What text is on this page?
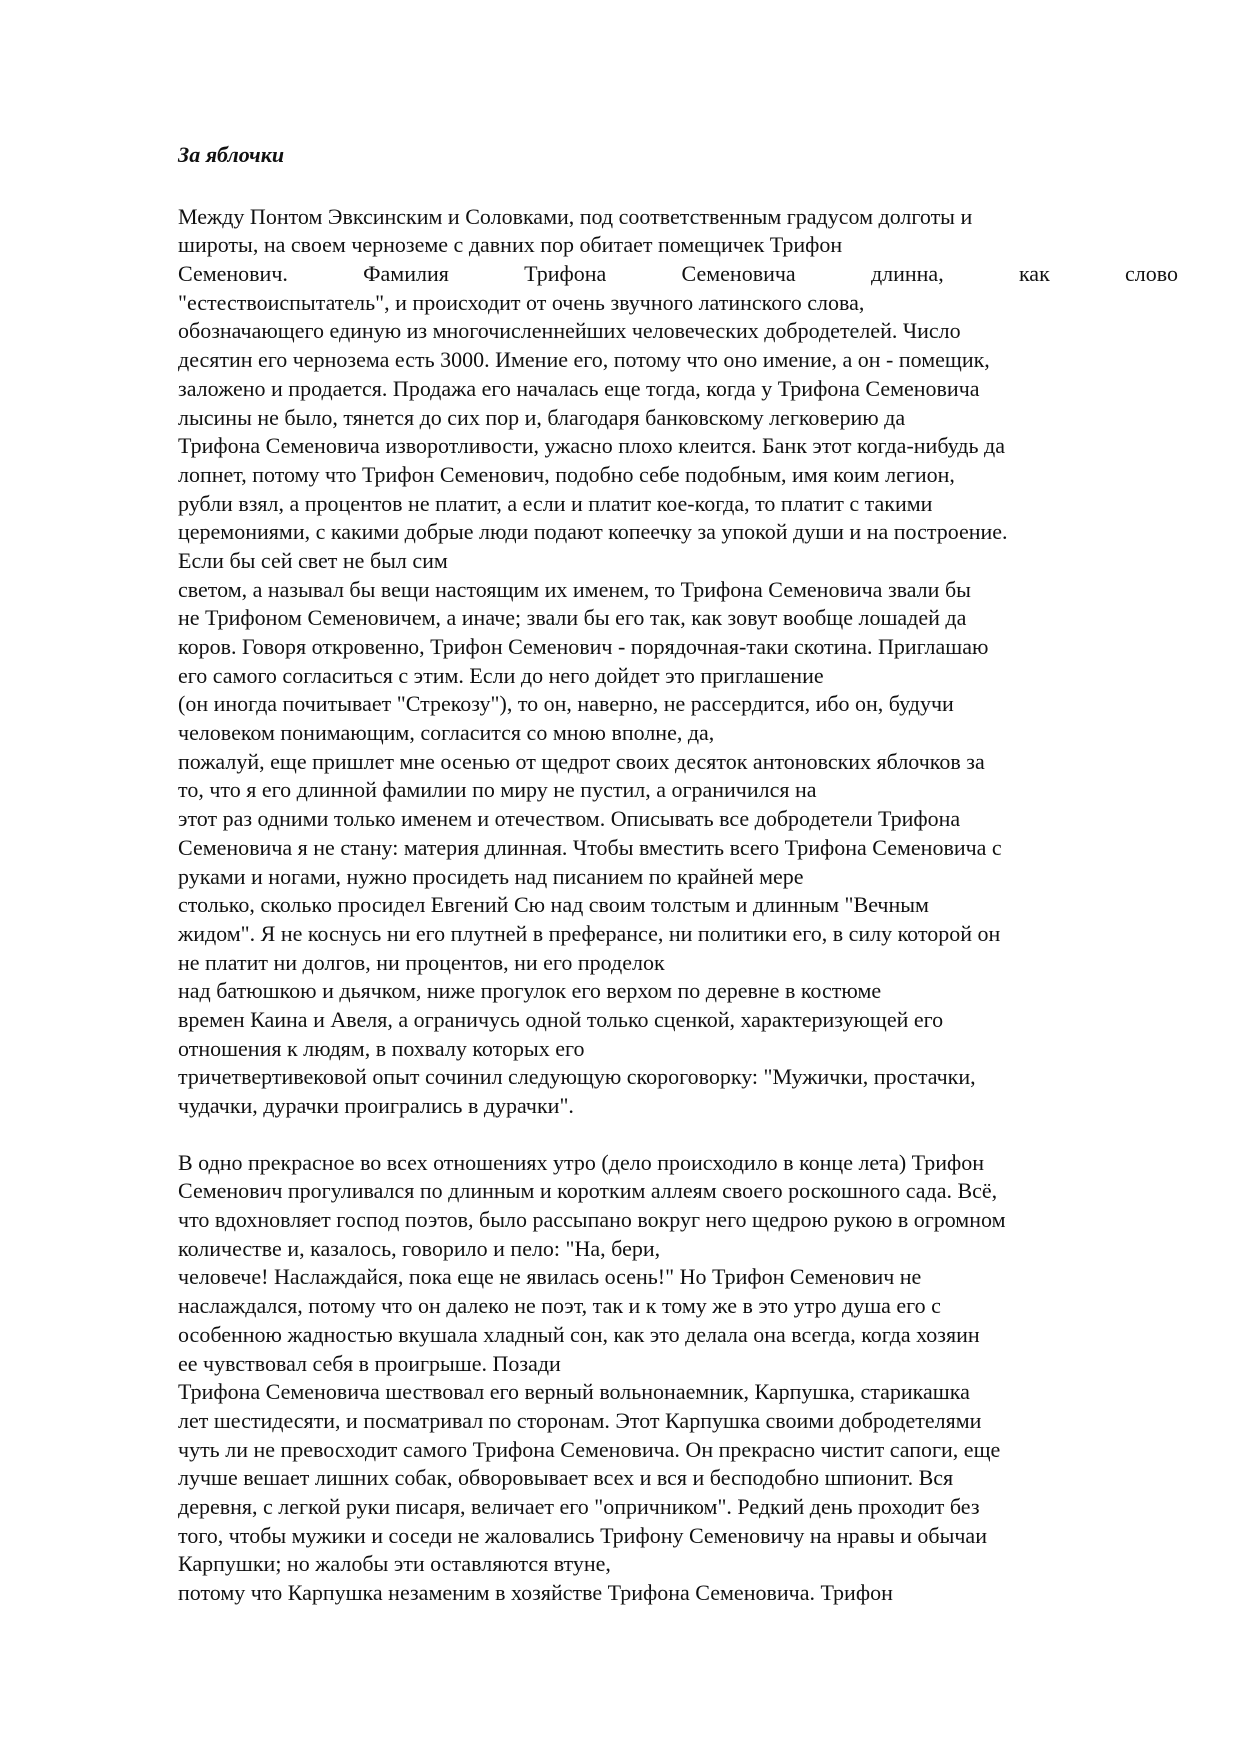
За яблочки
Между Понтом Эвксинским и Соловками, под соответственным градусом долготы и
широты, на своем черноземе с давних пор обитает помещичек Трифон
Семенович. Фамилия Трифона Семеновича длинна, как слово
"естествоиспытатель", и происходит от очень звучного латинского слова,
обозначающего единую из многочисленнейших человеческих добродетелей. Число
десятин его чернозема есть 3000. Имение его, потому что оно имение, а он - помещик,
заложено и продается. Продажа его началась еще тогда, когда у Трифона Семеновича
лысины не было, тянется до сих пор и, благодаря банковскому легковерию да
Трифона Семеновича изворотливости, ужасно плохо клеится. Банк этот когда-нибудь да
лопнет, потому что Трифон Семенович, подобно себе подобным, имя коим легион,
рубли взял, а процентов не платит, а если и платит кое-когда, то платит с такими
церемониями, с какими добрые люди подают копеечку за упокой души и на построение.
Если бы сей свет не был сим
светом, а называл бы вещи настоящим их именем, то Трифона Семеновича звали бы
не Трифоном Семеновичем, а иначе; звали бы его так, как зовут вообще лошадей да
коров. Говоря откровенно, Трифон Семенович - порядочная-таки скотина. Приглашаю
его самого согласиться с этим. Если до него дойдет это приглашение
(он иногда почитывает "Стрекозу"), то он, наверно, не рассердится, ибо он, будучи
человеком понимающим, согласится со мною вполне, да,
пожалуй, еще пришлет мне осенью от щедрот своих десяток антоновских яблочков за
то, что я его длинной фамилии по миру не пустил, а ограничился на
этот раз одними только именем и отечеством. Описывать все добродетели Трифона
Семеновича я не стану: материя длинная. Чтобы вместить всего Трифона Семеновича с
руками и ногами, нужно просидеть над писанием по крайней мере
столько, сколько просидел Евгений Сю над своим толстым и длинным "Вечным
жидом". Я не коснусь ни его плутней в преферансе, ни политики его, в силу которой он
не платит ни долгов, ни процентов, ни его проделок
над батюшкою и дьячком, ниже прогулок его верхом по деревне в костюме
времен Каина и Авеля, а ограничусь одной только сценкой, характеризующей его
отношения к людям, в похвалу которых его
тричетвертивековой опыт сочинил следующую скороговорку: "Мужички, простачки,
чудачки, дурачки проигрались в дурачки".
В одно прекрасное во всех отношениях утро (дело происходило в конце лета) Трифон
Семенович прогуливался по длинным и коротким аллеям своего роскошного сада. Всё,
что вдохновляет господ поэтов, было рассыпано вокруг него щедрою рукою в огромном
количестве и, казалось, говорило и пело: "На, бери,
человече! Наслаждайся, пока еще не явилась осень!" Но Трифон Семенович не
наслаждался, потому что он далеко не поэт, так и к тому же в это утро душа его с
особенною жадностью вкушала хладный сон, как это делала она всегда, когда хозяин
ее чувствовал себя в проигрыше. Позади
Трифона Семеновича шествовал его верный вольнонаемник, Карпушка, старикашка
лет шестидесяти, и посматривал по сторонам. Этот Карпушка своими добродетелями
чуть ли не превосходит самого Трифона Семеновича. Он прекрасно чистит сапоги, еще
лучше вешает лишних собак, обворовывает всех и вся и бесподобно шпионит. Вся
деревня, с легкой руки писаря, величает его "опричником". Редкий день проходит без
того, чтобы мужики и соседи не жаловались Трифону Семеновичу на нравы и обычаи
Карпушки; но жалобы эти оставляются втуне,
потому что Карпушка незаменим в хозяйстве Трифона Семеновича. Трифон
